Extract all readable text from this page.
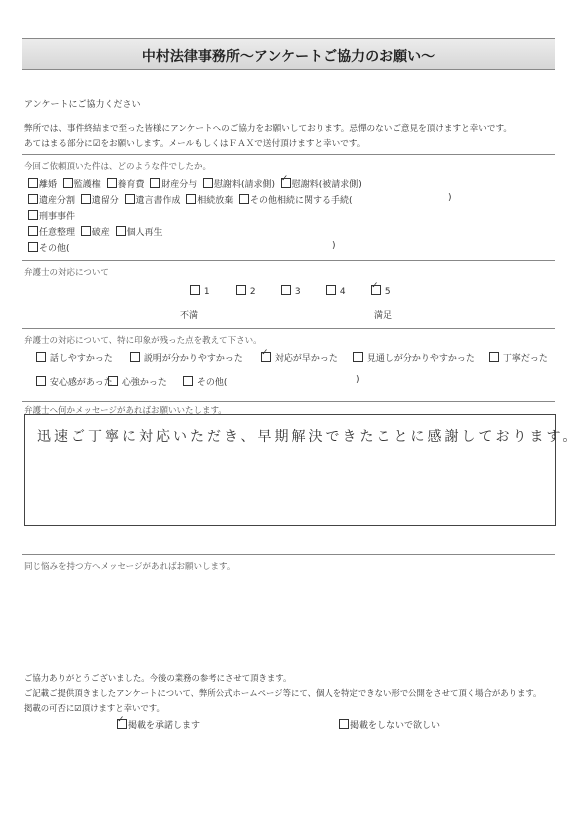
中村法律事務所～アンケートご協力のお願い～
アンケートにご協力ください
弊所では、事件終結まで至った皆様にアンケートへのご協力をお願いしております。忌憚のないご意見を頂けますと幸いです。
あてはまる部分に☑をお願いします。メールもしくはＦＡＸで送付頂けますと幸いです。
今回ご依頼頂いた件は、どのような件でしたか。
離婚 監護権 養育費 財産分与 慰謝料(請求側) ✓ 慰謝料(被請求側)
遺産分割 遺留分 遺言書作成 相続放棄 その他相続に関する手続(	)
刑事事件
任意整理 破産 個人再生
その他(	)
弁護士の対応について
1	2	3	4 ✓	5
不満	満足
弁護士の対応について、特に印象が残った点を教えて下さい。
話しやすかった	説明が分かりやすかった ✓	対応が早かった	見通しが分かりやすかった	丁寧だった
安心感があった	心強かった	その他(	)
弁護士へ何かメッセージがあればお願いいたします。
迅速ご丁寧に対応いただき、早期解決できたことに感謝しております。
同じ悩みを持つ方へメッセージがあればお願いします。
ご協力ありがとうございました。今後の業務の参考にさせて頂きます。
ご記載ご提供頂きましたアンケートについて、弊所公式ホームページ等にて、個人を特定できない形で公開をさせて頂く場合があります。
掲載の可否に☑頂けますと幸いです。
✓掲載を承諾します	掲載をしないで欲しい
